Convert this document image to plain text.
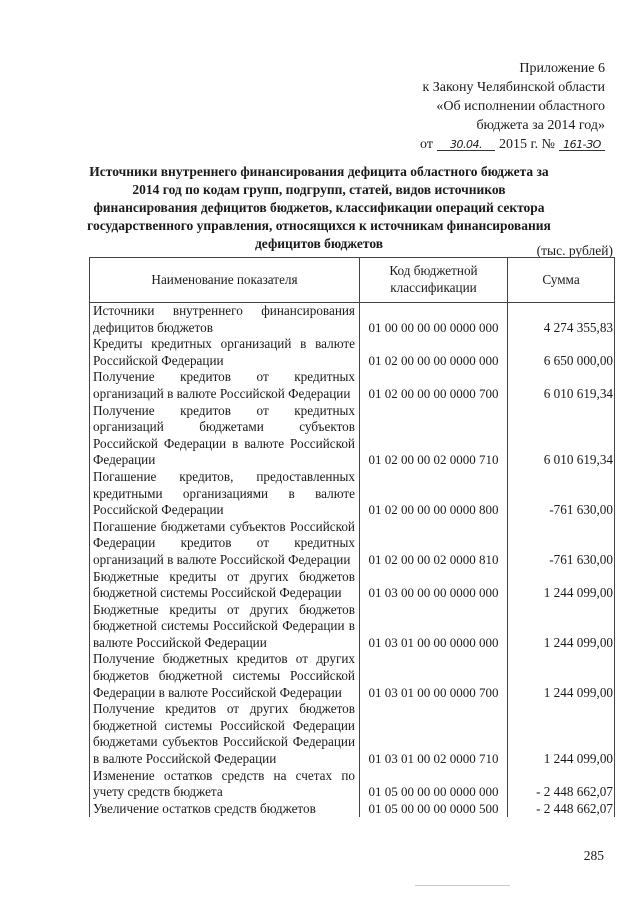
Приложение 6
к Закону Челябинской области
«Об исполнении областного
бюджета за 2014 год»
от	30.04.	2015 г. № 161-ЗО
Источники внутреннего финансирования дефицита областного бюджета за 2014 год по кодам групп, подгрупп, статей, видов источников финансирования дефицитов бюджетов, классификации операций сектора государственного управления, относящихся к источникам финансирования дефицитов бюджетов	(тыс. рублей)
Наименование показателя	Код бюджетной классификации	Сумма
Источники внутреннего финансирования дефицитов бюджетов	01 00 00 00 00 0000 000	4 274 355,83
Кредиты кредитных организаций в валюте Российской Федерации	01 02 00 00 00 0000 000	6 650 000,00
Получение кредитов от кредитных организаций в валюте Российской Федерации	01 02 00 00 00 0000 700	6 010 619,34
Получение кредитов от кредитных организаций бюджетами субъектов Российской Федерации в валюте Российской Федерации	01 02 00 00 02 0000 710	6 010 619,34
Погашение кредитов, предоставленных кредитными организациями в валюте Российской Федерации	01 02 00 00 00 0000 800	-761 630,00
Погашение бюджетами субъектов Российской Федерации кредитов от кредитных организаций в валюте Российской Федерации	01 02 00 00 02 0000 810	-761 630,00
Бюджетные кредиты от других бюджетов бюджетной системы Российской Федерации	01 03 00 00 00 0000 000	1 244 099,00
Бюджетные кредиты от других бюджетов бюджетной системы Российской Федерации в валюте Российской Федерации	01 03 01 00 00 0000 000	1 244 099,00
Получение бюджетных кредитов от других бюджетов бюджетной системы Российской Федерации в валюте Российской Федерации	01 03 01 00 00 0000 700	1 244 099,00
Получение кредитов от других бюджетов бюджетной системы Российской Федерации бюджетами субъектов Российской Федерации в валюте Российской Федерации	01 03 01 00 02 0000 710	1 244 099,00
Изменение остатков средств на счетах по учету средств бюджета	01 05 00 00 00 0000 000	- 2 448 662,07
Увеличение остатков средств бюджетов	01 05 00 00 00 0000 500	- 2 448 662,07
285
